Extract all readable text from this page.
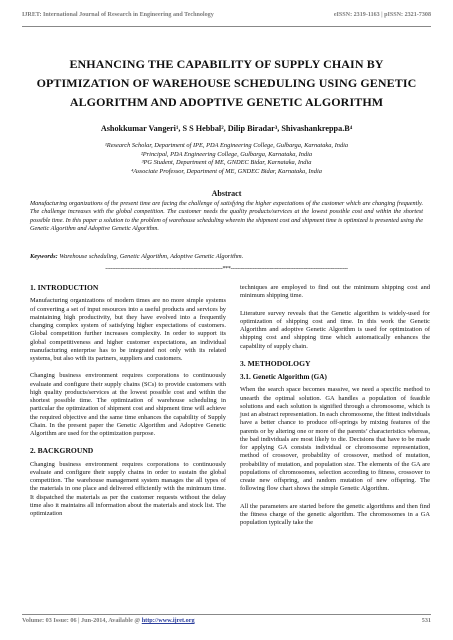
IJRET: International Journal of Research in Engineering and Technology	eISSN: 2319-1163 | pISSN: 2321-7308
ENHANCING THE CAPABILITY OF SUPPLY CHAIN BY OPTIMIZATION OF WAREHOUSE SCHEDULING USING GENETIC ALGORITHM AND ADOPTIVE GENETIC ALGORITHM
Ashokkumar Vangeri¹, S S Hebbal², Dilip Biradar³, Shivashankreppa.B⁴
¹Research Scholar, Department of IPE, PDA Engineering College, Gulbarga, Karnataka, India
²Principal, PDA Engineering College, Gulbarga, Karnataka, India
³PG Student, Department of ME, GNDEC Bidar, Karnataka, India
⁴Associate Professor, Department of ME, GNDEC Bidar, Karnataka, India
Abstract
Manufacturing organizations of the present time are facing the challenge of satisfying the higher expectations of the customer which are changing frequently. The challenge increases with the global competition. The customer needs the quality products/services at the lowest possible cost and within the shortest possible time. In this paper a solution to the problem of warehouse scheduling wherein the shipment cost and shipment time is optimized is presented using the Genetic Algorithm and Adoptive Genetic Algorithm.
Keywords: Warehouse scheduling, Genetic Algorithm, Adoptive Genetic Algorithm.
---------------------------------------------------------------------***---------------------------------------------------------------------
1. INTRODUCTION

Manufacturing organizations of modern times are no more simple systems of converting a set of input resources into a useful products and services by maintaining high productivity, but they have evolved into a frequently changing complex system of satisfying higher expectations of customers. Global competition further increases complexity. In order to support its global competitiveness and higher customer expectations, an individual manufacturing enterprise has to be integrated not only with its related systems, but also with its partners, suppliers and customers.

Changing business environment requires corporations to continuously evaluate and configure their supply chains (SCs) to provide customers with high quality products/services at the lowest possible cost and within the shortest possible time. The optimization of warehouse scheduling in particular the optimization of shipment cost and shipment time will achieve the required objective and the same time enhances the capability of Supply Chain. In the present paper the Genetic Algorithm and Adoptive Genetic Algorithm are used for the optimization purpose.

2. BACKGROUND

Changing business environment requires corporations to continuously evaluate and configure their supply chains in order to sustain the global competition. The warehouse management system manages the all types of the materials in one place and delivered efficiently with the minimum time. It dispatched the materials as per the customer requests without the delay time also it maintains all information about the materials and stock list. The optimization

techniques are employed to find out the minimum shipping cost and minimum shipping time.

Literature survey reveals that the Genetic algorithm is widely-used for optimization of shipping cost and time. In this work the Genetic Algorithm and adoptive Genetic Algorithm is used for optimization of shipping cost and shipping time which automatically enhances the capability of supply chain.

3. METHODOLOGY
3.1. Genetic Algorithm (GA)

When the search space becomes massive, we need a specific method to unearth the optimal solution. GA handles a population of feasible solutions and each solution is signified through a chromosome, which is just an abstract representation. In each chromosome, the fittest individuals have a better chance to produce off-springs by mixing features of the parents or by altering one or more of the parents’ characteristics whereas, the bad individuals are most likely to die. Decisions that have to be made for applying GA consists individual or chromosome representation, method of crossover, probability of crossover, method of mutation, probability of mutation, and population size. The elements of the GA are populations of chromosomes, selection according to fitness, crossover to create new offspring, and random mutation of new offspring. The following flow chart shows the simple Genetic Algorithm.

All the parameters are started before the genetic algorithms and then find the fitness charge of the genetic algorithm. The chromosomes in a GA population typically take the

Volume: 03 Issue: 06 | Jun-2014, Available @ http://www.ijret.org	531
